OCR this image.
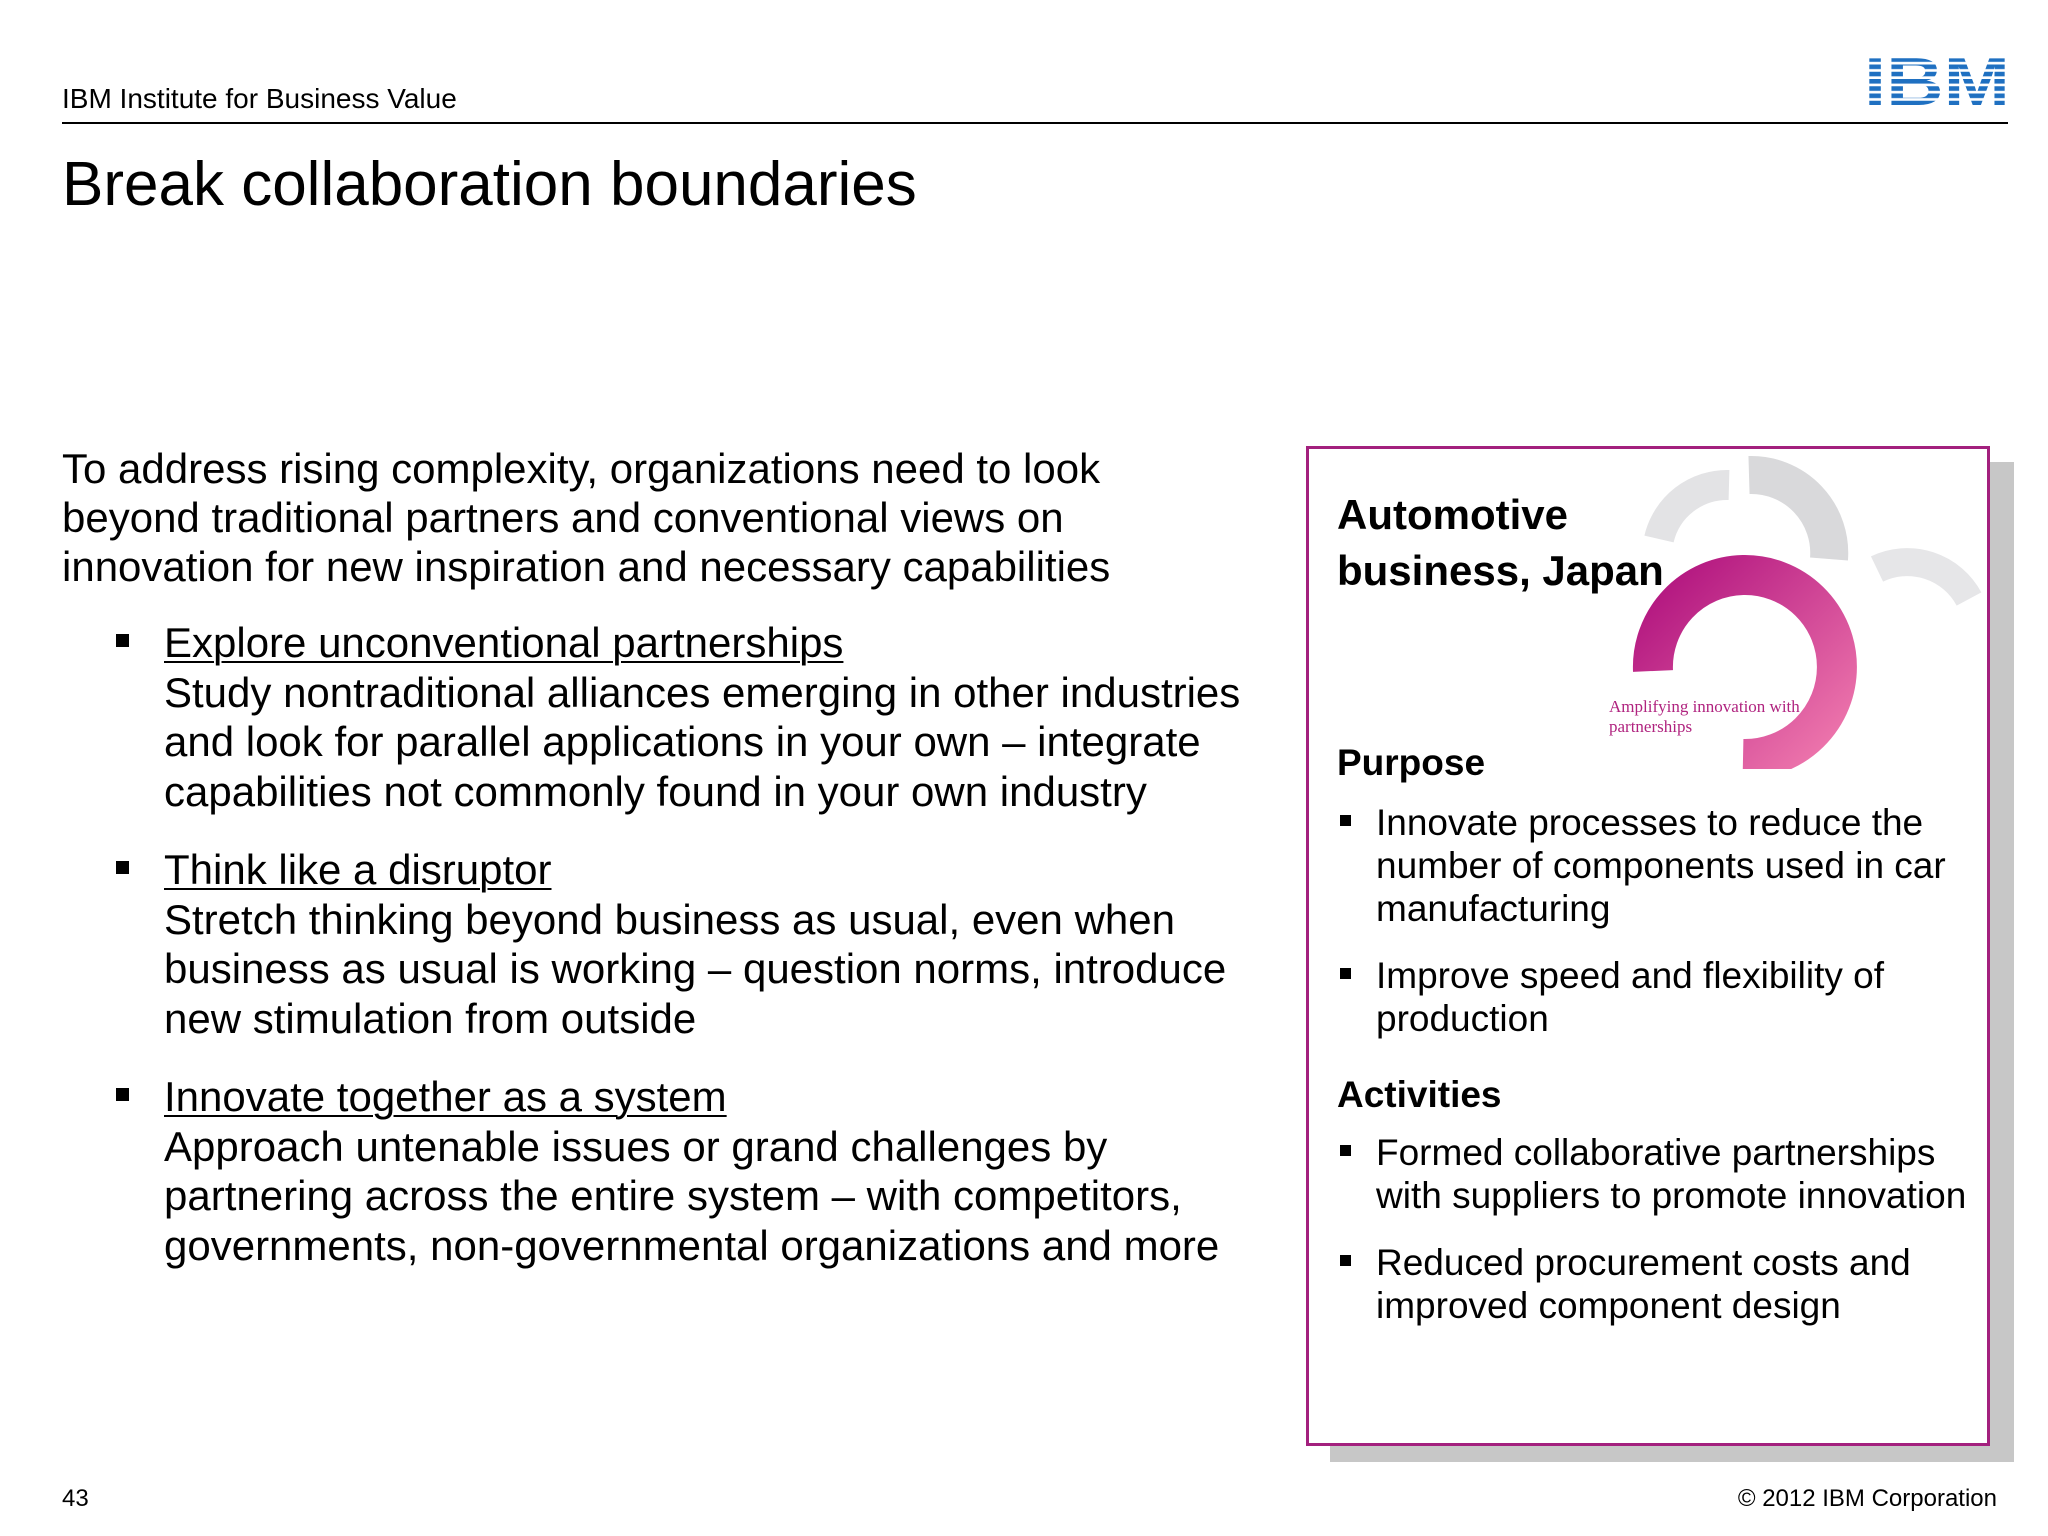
IBM Institute for Business Value	IBM
Break collaboration boundaries
To address rising complexity, organizations need to look beyond traditional partners and conventional views on innovation for new inspiration and necessary capabilities
Explore unconventional partnerships
Study nontraditional alliances emerging in other industries and look for parallel applications in your own – integrate capabilities not commonly found in your own industry
Think like a disruptor
Stretch thinking beyond business as usual, even when business as usual is working – question norms, introduce new stimulation from outside
Innovate together as a system
Approach untenable issues or grand challenges by partnering across the entire system – with competitors, governments, non-governmental organizations and more
Amplifying innovation with partnerships
Automotive business, Japan
Purpose
Innovate processes to reduce the number of components used in car manufacturing
Improve speed and flexibility of production
Activities
Formed collaborative partnerships with suppliers to promote innovation
Reduced procurement costs and improved component design
43	© 2012 IBM Corporation
